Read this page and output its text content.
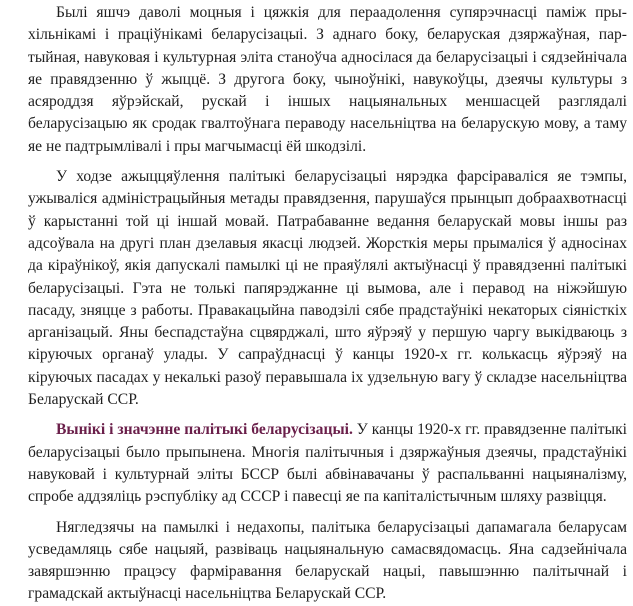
Былі яшчэ даволі моцныя і цяжкія для пераадолення супярэчнасці паміж прыхільнікамі і праціўнікамі беларусізацыі. З аднаго боку, беларуская дзяржаўная, партыйная, навуковая і культурная эліта станоўча адносілася да беларусізацыі і сядзейнічала яе правядзенню ў жыццё. З другога боку, чыноўнікі, навукоўцы, дзеячы культуры з асяроддзя яўрэйскай, рускай і іншых нацыянальных меншасцей разглядалі беларусізацыю як сродак гвалтоўнага пераводу насельніцтва на беларускую мову, а таму яе не падтрымлівалі і пры магчымасці ёй шкодзілі.

У ходзе ажыццяўлення палітыкі беларусізацыі нярэдка фарсіраваліся яе тэмпы, ужываліся адміністрацыйныя метады правядзення, парушаўся прынцып добраахвотнасці ў карыстанні той ці іншай мовай. Патрабаванне ведання беларускай мовы іншы раз адсоўвала на другі план дзелавыя якасці людзей. Жорсткія меры прымаліся ў адносінах да кіраўнікоў, якія дапускалі памылкі ці не праяўлялі актыўнасці ў правядзенні палітыкі беларусізацыі. Гэта не толькі папярэджанне ці вымова, але і перавод на ніжэйшую пасаду, зняцце з работы. Правакацыйна паводзілі сябе прадстаўнікі некаторых сіяністкіх арганізацый. Яны беспадстаўна сцвярджалі, што яўрэяў у першую чаргу выкідваюць з кіруючых органаў улады. У сапраўднасці ў канцы 1920-х гг. колькасць яўрэяў на кіруючых пасадах у некалькі разоў перавышала іх удзельную вагу ў складзе насельніцтва Беларускай ССР.

Вынікі і значэнне палітыкі беларусізацыі. У канцы 1920-х гг. правядзенне палітыкі беларусізацыі было прыпынена. Многія палітычныя і дзяржаўныя дзеячы, прадстаўнікі навуковай і культурнай эліты БССР былі абвінавачаны ў распальванні нацыяналізму, спробе аддзяліць рэспубліку ад СССР і павесці яе па капіталістычным шляху развіцця.

Нягледзячы на памылкі і недахопы, палітыка беларусізацыі дапамагала беларусам усведамляць сябе нацыяй, развіваць нацыянальную самасвядомасць. Яна садзейнічала завяршэнню працэсу фарміравання беларускай нацыі, павышэнню палітычнай і грамадскай актыўнасці насельніцтва Беларускай ССР.
